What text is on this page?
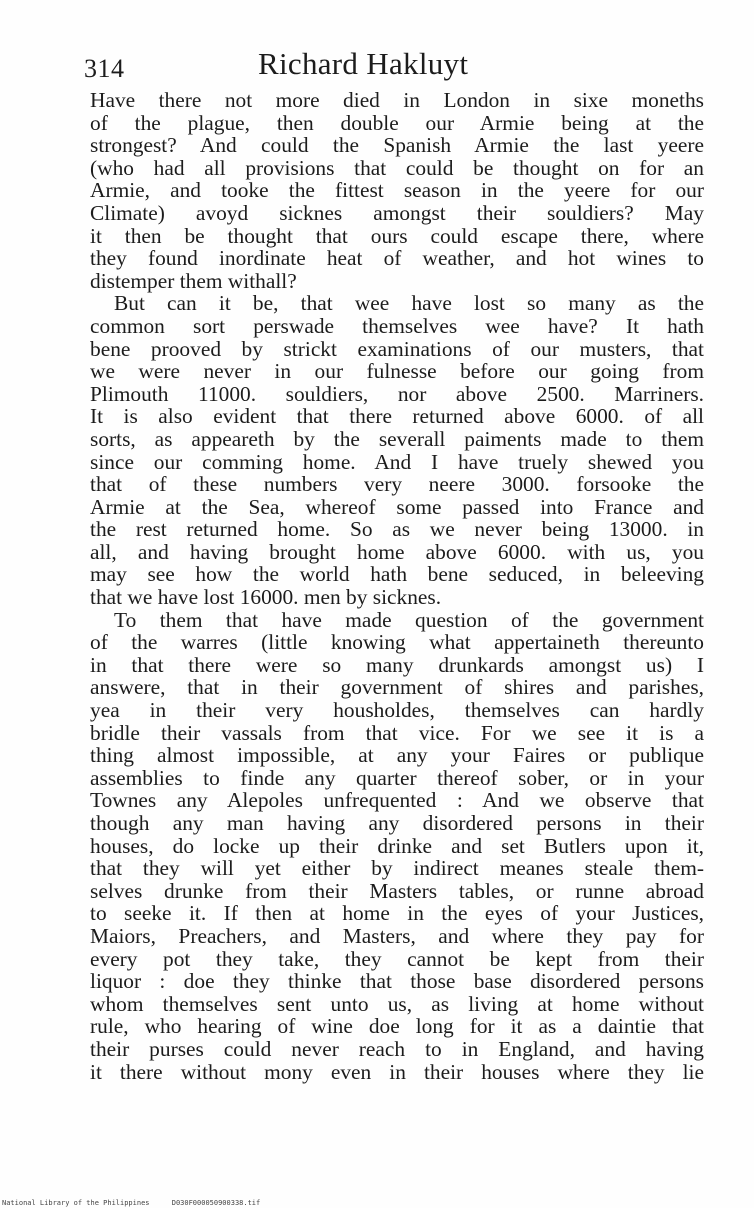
314	Richard Hakluyt
Have there not more died in London in sixe moneths
of the plague, then double our Armie being at the
strongest? And could the Spanish Armie the last yeere
(who had all provisions that could be thought on for an
Armie, and tooke the fittest season in the yeere for our
Climate) avoyd sicknes amongst their souldiers? May
it then be thought that ours could escape there, where
they found inordinate heat of weather, and hot wines to
distemper them withall?
But can it be, that wee have lost so many as the
common sort perswade themselves wee have? It hath
bene prooved by strickt examinations of our musters, that
we were never in our fulnesse before our going from
Plimouth 11000. souldiers, nor above 2500. Marriners.
It is also evident that there returned above 6000. of all
sorts, as appeareth by the severall paiments made to them
since our comming home. And I have truely shewed you
that of these numbers very neere 3000. forsooke the
Armie at the Sea, whereof some passed into France and
the rest returned home. So as we never being 13000. in
all, and having brought home above 6000. with us, you
may see how the world hath bene seduced, in beleeving
that we have lost 16000. men by sicknes.
To them that have made question of the government
of the warres (little knowing what appertaineth thereunto
in that there were so many drunkards amongst us) I
answere, that in their government of shires and parishes,
yea in their very housholdes, themselves can hardly
bridle their vassals from that vice. For we see it is a
thing almost impossible, at any your Faires or publique
assemblies to finde any quarter thereof sober, or in your
Townes any Alepoles unfrequented : And we observe that
though any man having any disordered persons in their
houses, do locke up their drinke and set Butlers upon it,
that they will yet either by indirect meanes steale them-
selves drunke from their Masters tables, or runne abroad
to seeke it. If then at home in the eyes of your Justices,
Maiors, Preachers, and Masters, and where they pay for
every pot they take, they cannot be kept from their
liquor : doe they thinke that those base disordered persons
whom themselves sent unto us, as living at home without
rule, who hearing of wine doe long for it as a daintie that
their purses could never reach to in England, and having
it there without mony even in their houses where they lie
National Library of the Philippines	D030F000050900338.tif
